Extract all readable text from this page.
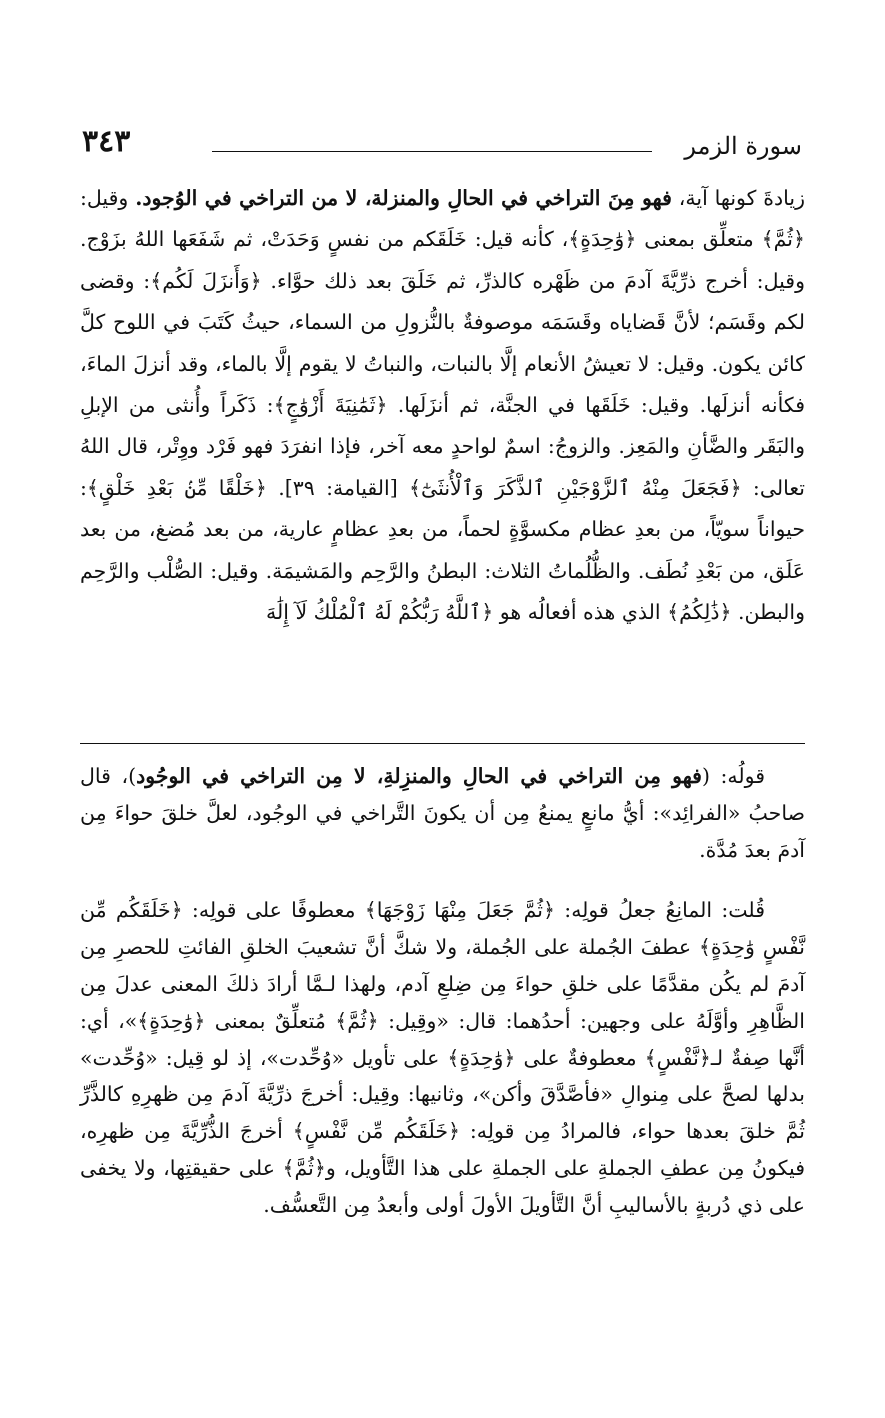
سورة الزمر
٣٤٣

زيادةَ كونها آية، فهو مِنَ التراخي في الحالِ والمنزلة، لا من التراخي في الوُجود. وقيل: ﴿ثُمَّ﴾ متعلِّق بمعنى ﴿وَٰحِدَةٍ﴾، كأنه قيل: خَلَقَكم من نفسٍ وَحَدَتْ، ثم شَفَعَها اللهُ بزَوْج. وقيل: أخرج ذرِّيَّةَ آدمَ من ظَهْره كالذرِّ، ثم خَلَقَ بعد ذلك حوَّاء. ﴿وَأَنزَلَ لَكُم﴾: وقضى لكم وقَسَم؛ لأنَّ قَضاياه وقَسَمَه موصوفةٌ بالنُّزولِ من السماء، حيثُ كَتَبَ في اللوح كلَّ كائن يكون. وقيل: لا تعيشُ الأنعام إلَّا بالنبات، والنباتُ لا يقوم إلَّا بالماء، وقد أنزلَ الماءَ، فكأنه أنزلَها. وقيل: خَلَقَها في الجنَّة، ثم أنزَلَها. ﴿ثَمَٰنِيَةَ أَزْوَٰجٍ﴾: ذَكَراً وأُنثى من الإبلِ والبَقَر والضَّأنِ والمَعِز. والزوجُ: اسمٌ لواحدٍ معه آخر، فإذا انفرَدَ فهو فَرْد ووِتْر، قال اللهُ تعالى: ﴿فَجَعَلَ مِنْهُ ٱلزَّوْجَيْنِ ٱلذَّكَرَ وَٱلْأُنثَىٰٓ﴾ [القيامة: ٣٩]. ﴿خَلْقًا مِّنۢ بَعْدِ خَلْقٍ﴾: حيواناً سويّاً، من بعدِ عظام مكسوَّةٍ لحماً، من بعدِ عظامٍ عارية، من بعد مُضغ، من بعد عَلَق، من بَعْدِ نُطَف. والظُّلُماتُ الثلاث: البطنُ والرَّحِم والمَشيمَة. وقيل: الصُّلْب والرَّحِم والبطن. ﴿ذَٰلِكُمُ﴾ الذي هذه أفعالُه هو ﴿ٱللَّهُ رَبُّكُمْ لَهُ ٱلْمُلْكُ لَآ إِلَٰهَ

قولُه: (فهو مِن التراخي في الحالِ والمنزِلةِ، لا مِن التراخي في الوجُود)، قال صاحبُ «الفرائِد»: أيُّ مانعٍ يمنعُ مِن أن يكونَ التَّراخي في الوجُود، لعلَّ خلقَ حواءَ مِن آدمَ بعدَ مُدَّة.

قُلت: المانِعُ جعلُ قولِه: ﴿ثُمَّ جَعَلَ مِنْهَا زَوْجَهَا﴾ معطوفًا على قولِه: ﴿خَلَقَكُم مِّن نَّفْسٍ وَٰحِدَةٍ﴾ عطفَ الجُملة على الجُملة، ولا شكَّ أنَّ تشعيبَ الخلقِ الفائتِ للحصرِ مِن آدمَ لم يكُن مقدَّمًا على خلقِ حواءَ مِن ضِلعِ آدم، ولهذا لـمَّا أرادَ ذلكَ المعنى عدلَ مِن الظَّاهِرِ وأوَّلَهُ على وجهين: أحدُهما: قال: «وقِيل: ﴿ثُمَّ﴾ مُتعلِّقٌ بمعنى ﴿وَٰحِدَةٍ﴾»، أي: أنَّها صِفةٌ لـ﴿نَّفْسٍ﴾ معطوفةٌ على ﴿وَٰحِدَةٍ﴾ على تأويل «وُحِّدت»، إذ لو قِيل: «وُحِّدت» بدلها لصحَّ على مِنوالِ «فأصَّدَّقَ وأكن»، وثانيها: وقِيل: أخرجَ ذرِّيَّةَ آدمَ مِن ظهرِهِ كالذَّرِّ ثُمَّ خلقَ بعدها حواء، فالمرادُ مِن قولِه: ﴿خَلَقَكُم مِّن نَّفْسٍ﴾ أخرجَ الذُّرِّيَّةَ مِن ظهرِه، فيكونُ مِن عطفِ الجملةِ على الجملةِ على هذا التَّأويل، و﴿ثُمَّ﴾ على حقيقتِها، ولا يخفى على ذي دُربةٍ بالأساليبِ أنَّ التَّأويلَ الأولَ أولى وأبعدُ مِن التَّعسُّف.
